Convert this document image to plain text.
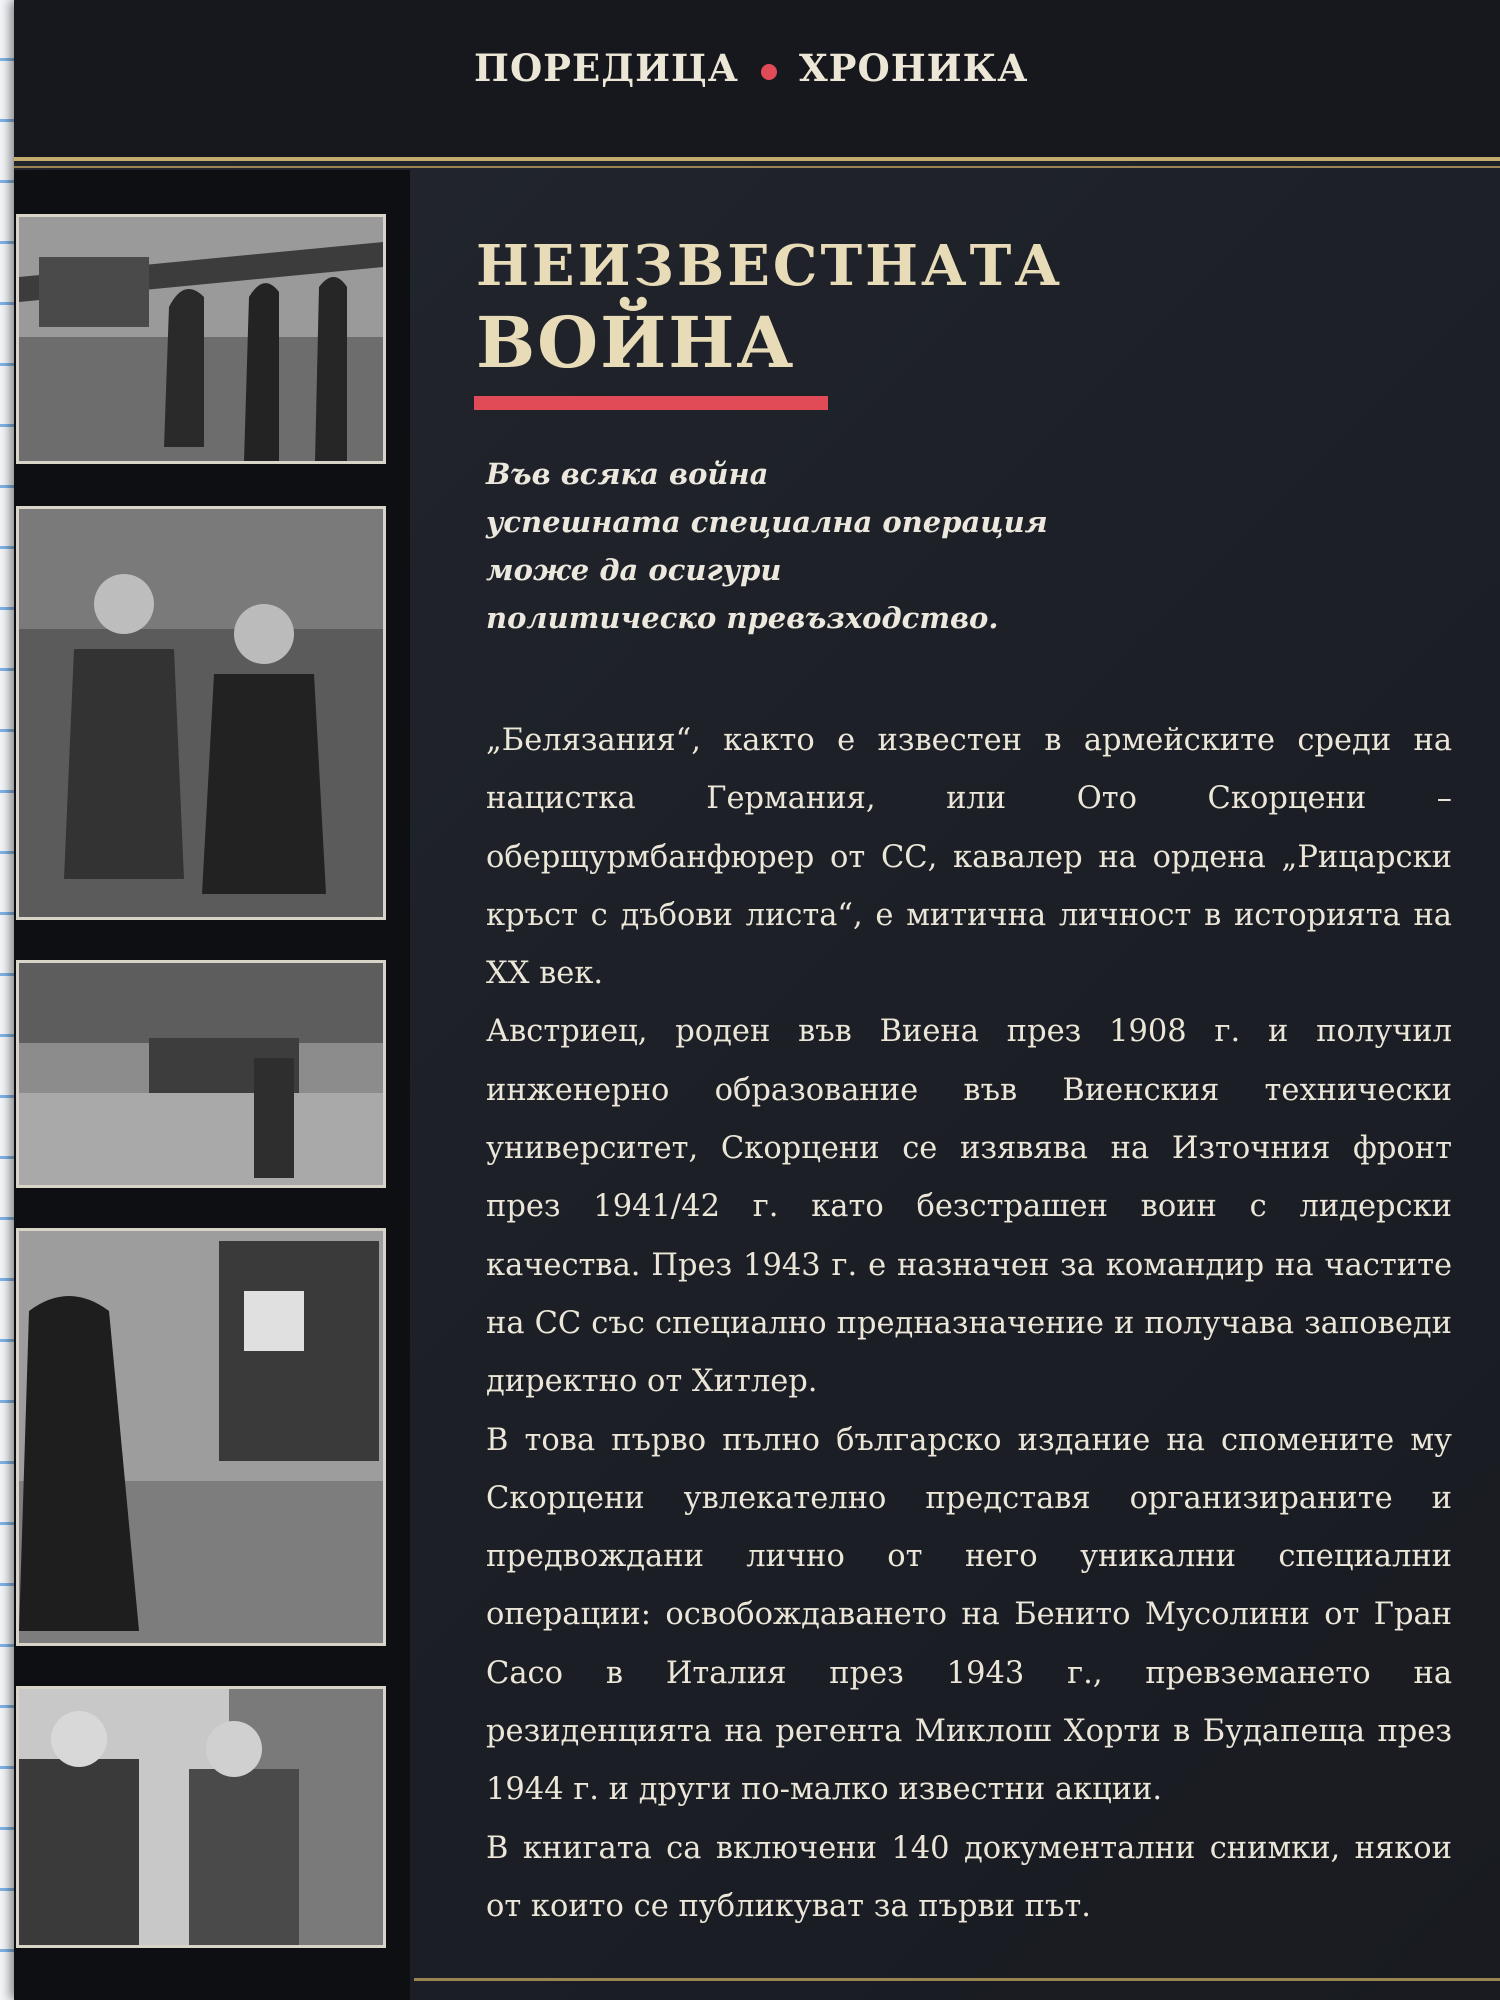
ПОРЕДИЦА ХРОНИКА
НЕИЗВЕСТНАТА
ВОЙНА
Във всяка война
успешната специална операция
може да осигури
политическо превъзходство.

„Белязания“, както е известен в армейските среди на нацистка Германия, или Ото Скорцени – оберщурмбанфюрер от СС, кавалер на ордена „Рицарски кръст с дъбови листа“, е митична личност в историята на ХХ век.

Австриец, роден във Виена през 1908 г. и получил инженерно образование във Виенския технически университет, Скорцени се изявява на Източния фронт през 1941/42 г. като безстрашен воин с лидерски качества. През 1943 г. е назначен за командир на частите на СС със специално предназначение и получава заповеди директно от Хитлер.

В това първо пълно българско издание на спомените му Скорцени увлекателно представя организираните и предвождани лично от него уникални специални операции: освобождаването на Бенито Мусолини от Гран Сасо в Италия през 1943 г., превземането на резиденцията на регента Миклош Хорти в Будапеща през 1944 г. и други по-малко известни акции.

В книгата са включени 140 документални снимки, някои от които се публикуват за първи път.
